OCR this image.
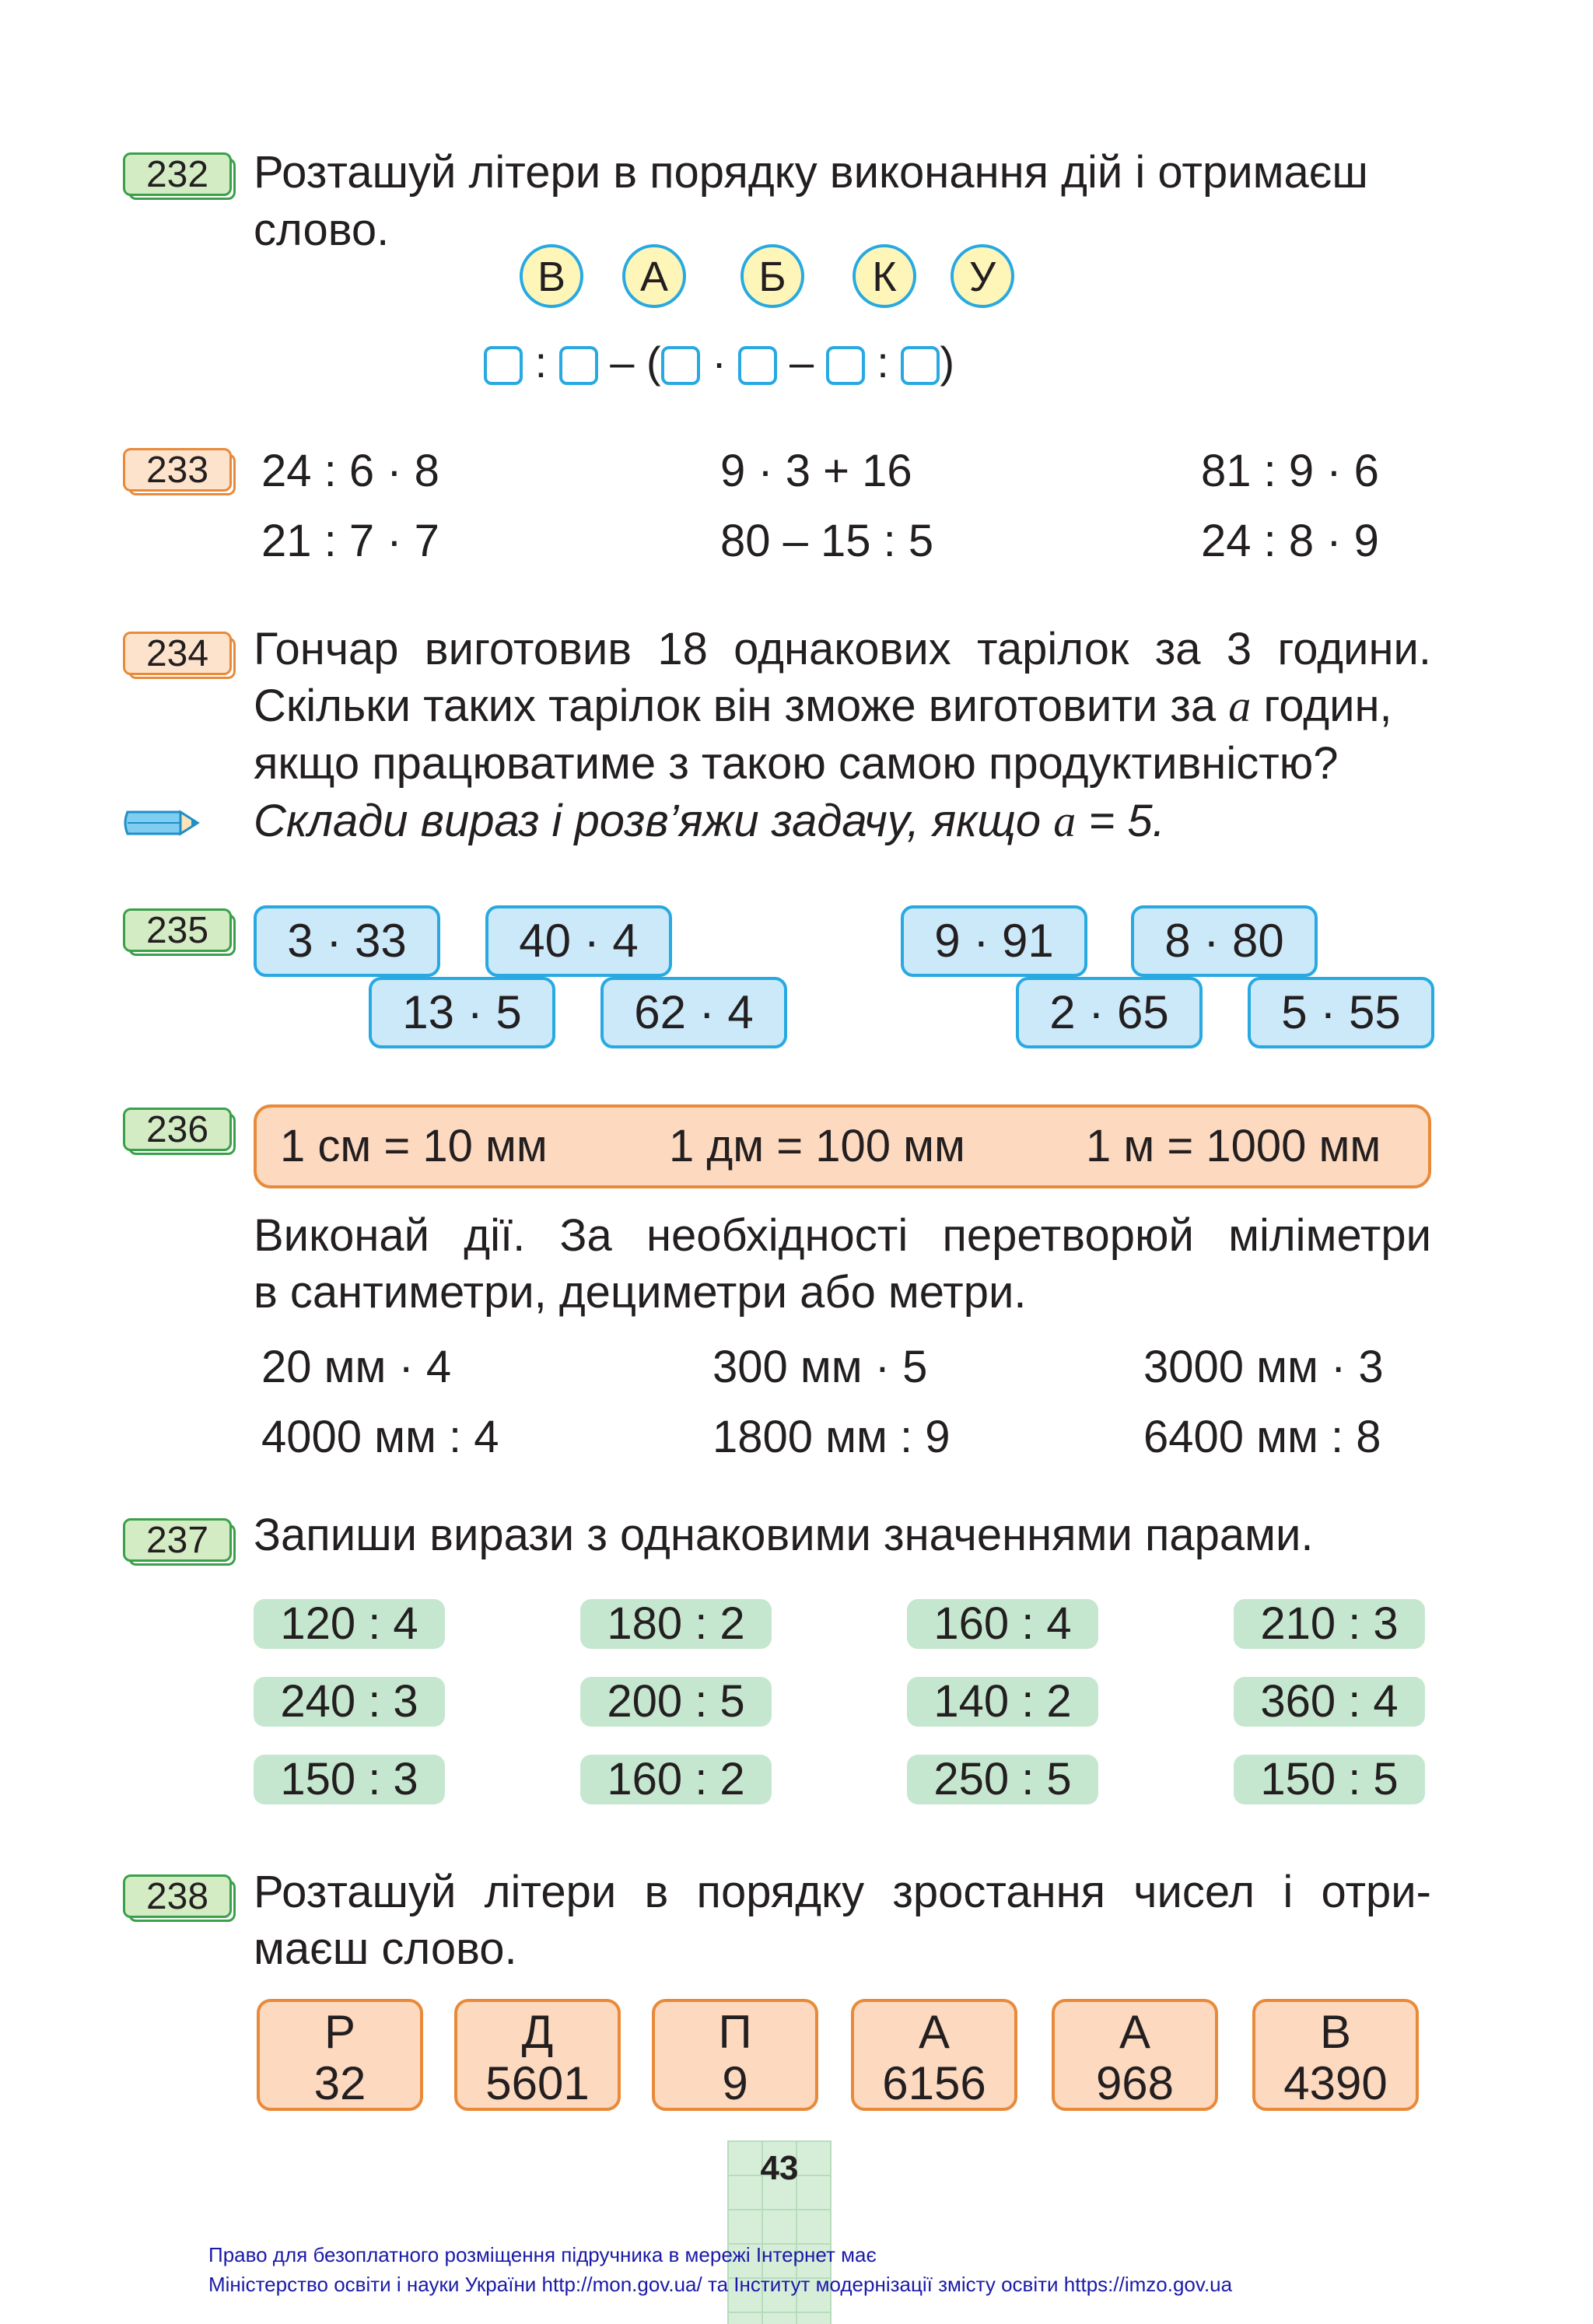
232 Розташуй літери в порядку виконання дій і отримаєш
слово.
В	А	Б	К	У
: – ( · – : )
233	24 : 6 · 8	9 · 3 + 16	81 : 9 · 6
21 : 7 · 7	80 – 15 : 5	24 : 8 · 9
234 Гончар виготовив 18 однакових тарілок за 3 години.
Скільки таких тарілок він зможе виготовити за a годин,
якщо працюватиме з такою самою продуктивністю?
Склади вираз і розв’яжи задачу, якщо a = 5.
235	3 · 33	40 · 4
13 · 5	62 · 4
9 · 91	8 · 80
2 · 65	5 · 55
236	1 см = 10 мм	1 дм = 100 мм	1 м = 1000 мм
Виконай дії. За необхідності перетворюй міліметри
в сантиметри, дециметри або метри.
20 мм · 4	300 мм · 5	3000 мм · 3
4000 мм : 4	1800 мм : 9	6400 мм : 8
237 Запиши вирази з однаковими значеннями парами.
120 : 4	180 : 2	160 : 4	210 : 3
240 : 3	200 : 5	140 : 2	360 : 4
150 : 3	160 : 2	250 : 5	150 : 5
238 Розташуй літери в порядку зростання чисел і отри-
маєш слово.
Р
32
Д
5601
П
9
А
6156
А
968
В
4390
43
Право для безоплатного розміщення підручника в мережі Інтернет має
Міністерство освіти і науки України http://mon.gov.ua/ та Інститут модернізації змісту освіти https://imzo.gov.ua
